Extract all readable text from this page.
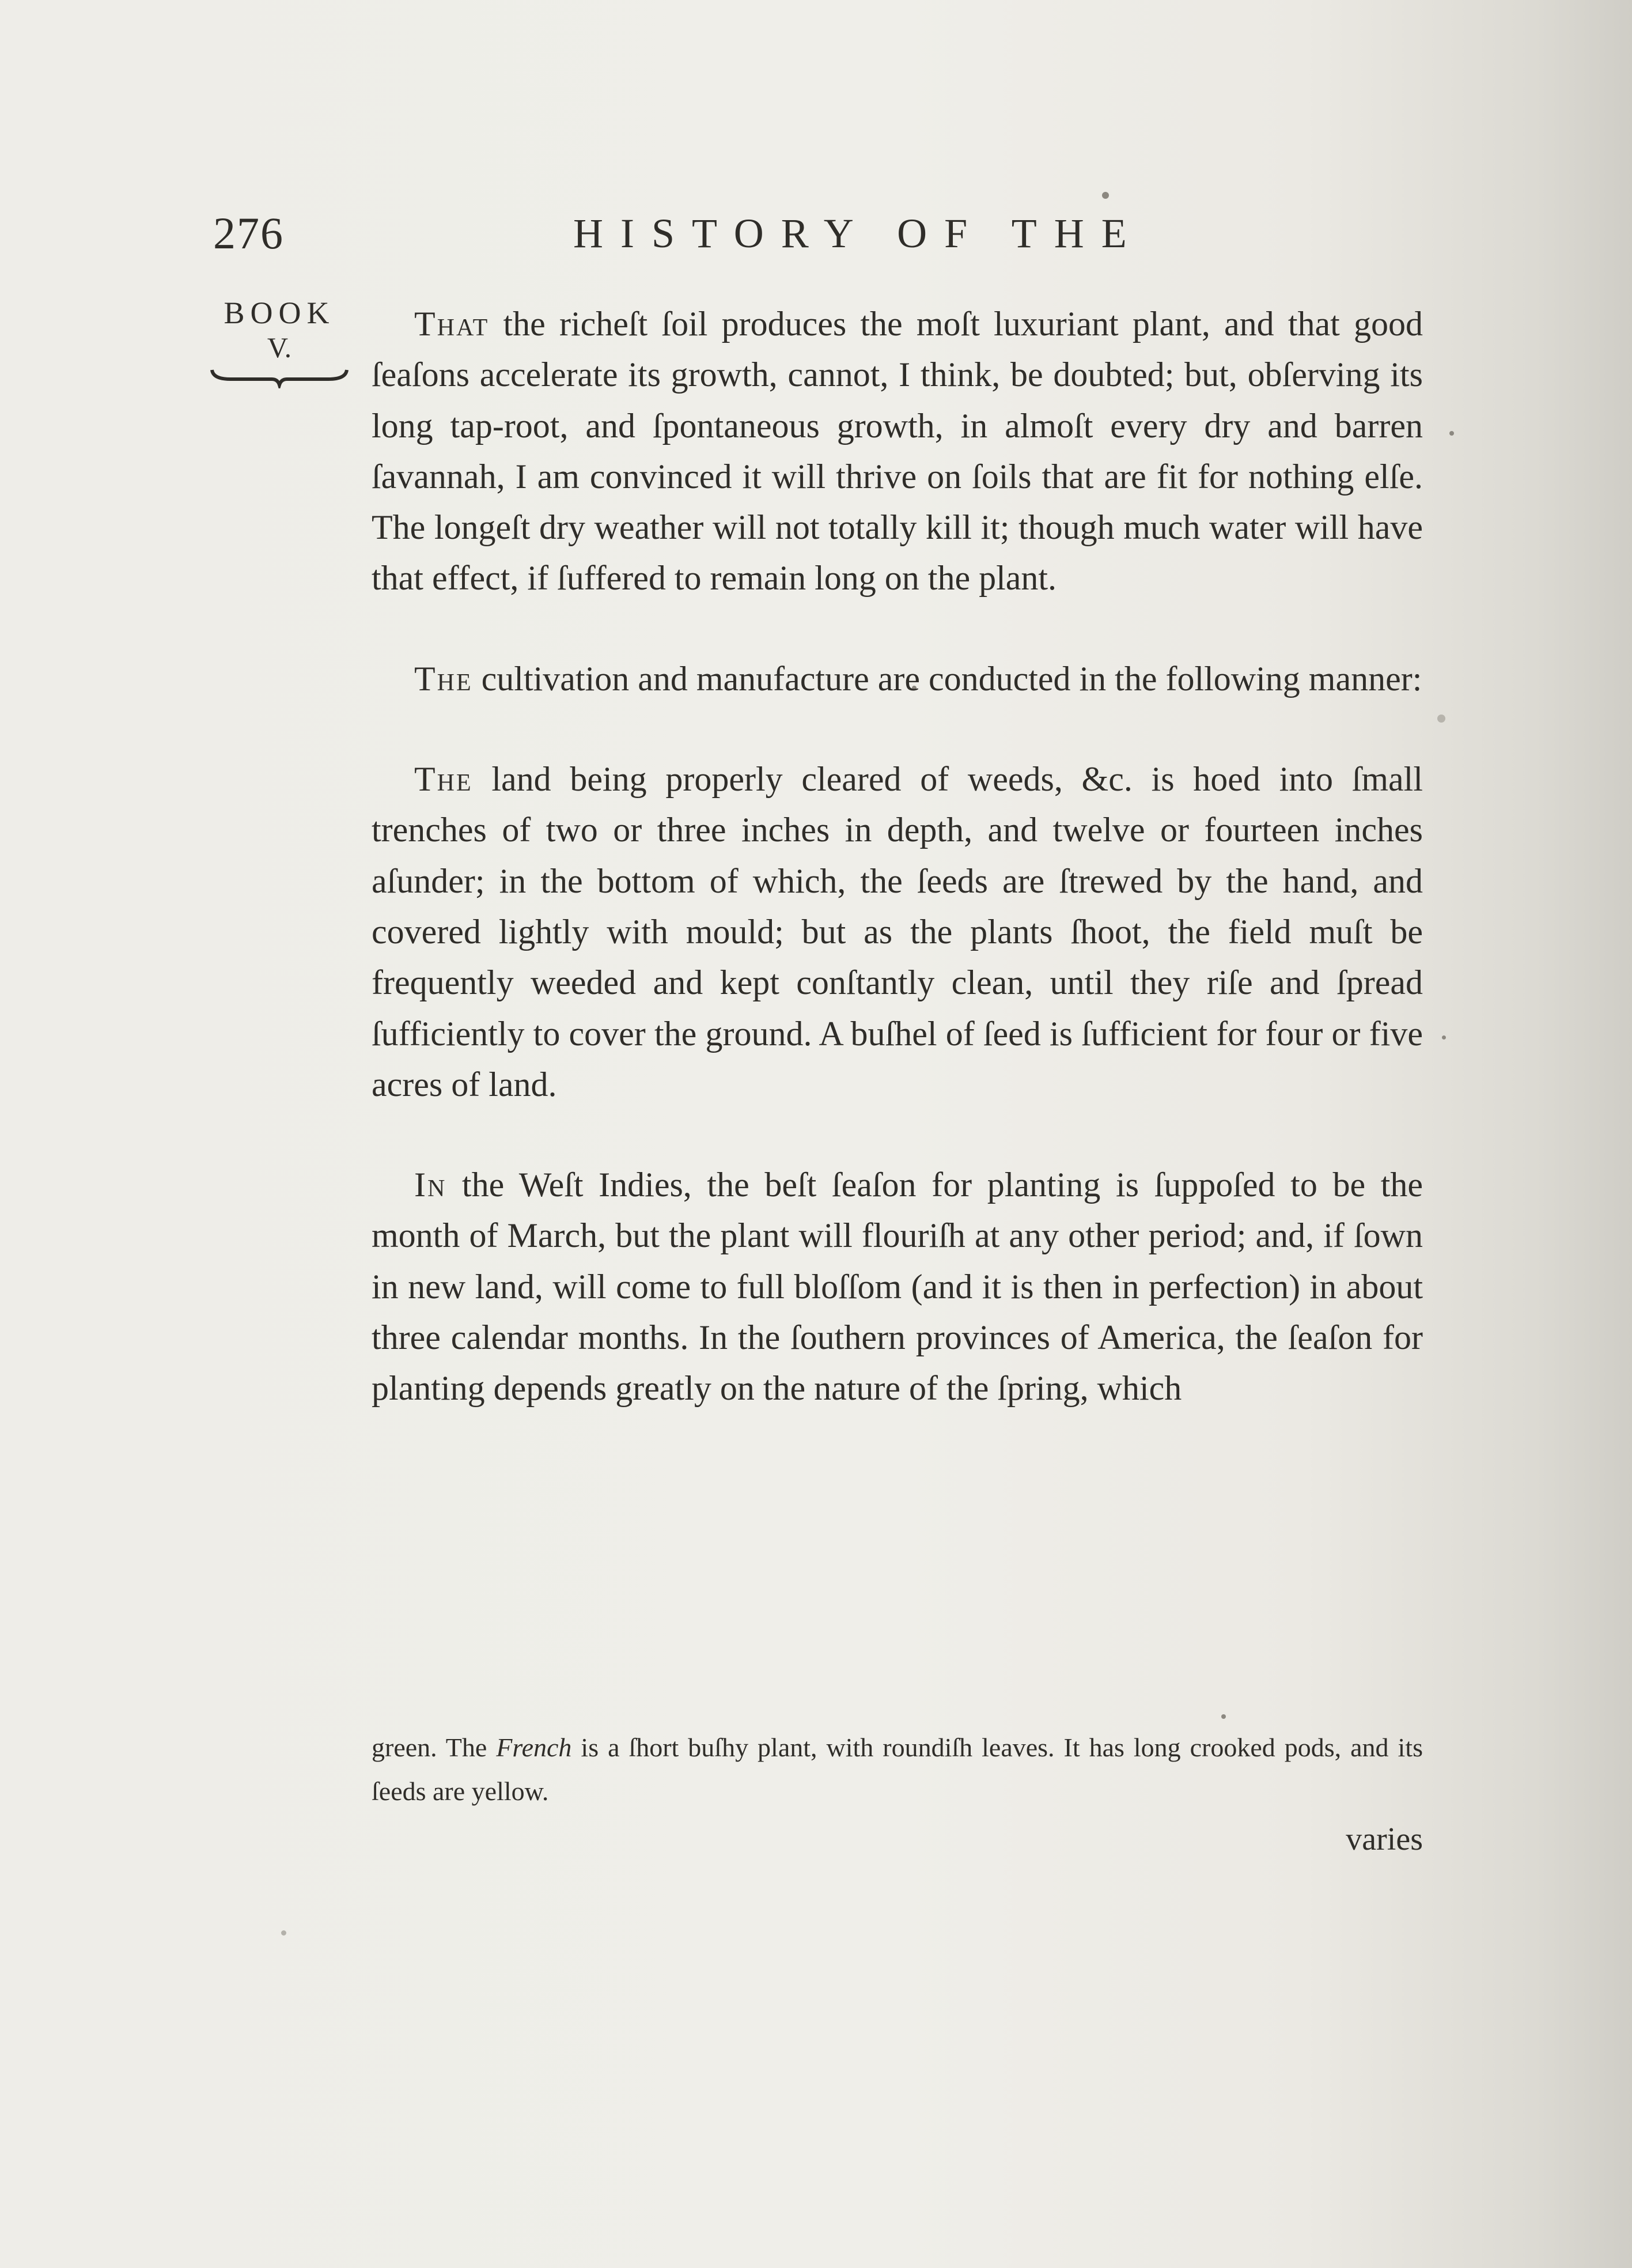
276	HISTORY OF THE
BOOK
V.

That the richeſt ſoil produces the moſt luxuriant plant, and that good ſeaſons accelerate its growth, cannot, I think, be doubted; but, obſerving its long tap-root, and ſpontaneous growth, in almoſt every dry and barren ſavannah, I am convinced it will thrive on ſoils that are fit for nothing elſe. The longeſt dry weather will not totally kill it; though much water will have that effect, if ſuffered to remain long on the plant.

The cultivation and manufacture are conducted in the following manner:

The land being properly cleared of weeds, &c. is hoed into ſmall trenches of two or three inches in depth, and twelve or fourteen inches aſunder; in the bottom of which, the ſeeds are ſtrewed by the hand, and covered lightly with mould; but as the plants ſhoot, the field muſt be frequently weeded and kept conſtantly clean, until they riſe and ſpread ſufficiently to cover the ground. A buſhel of ſeed is ſufficient for four or five acres of land.

In the Weſt Indies, the beſt ſeaſon for planting is ſuppoſed to be the month of March, but the plant will flouriſh at any other period; and, if ſown in new land, will come to full bloſſom (and it is then in perfection) in about three calendar months. In the ſouthern provinces of America, the ſeaſon for planting depends greatly on the nature of the ſpring, which

green. The French is a ſhort buſhy plant, with roundiſh leaves. It has long crooked pods, and its ſeeds are yellow.
varies
